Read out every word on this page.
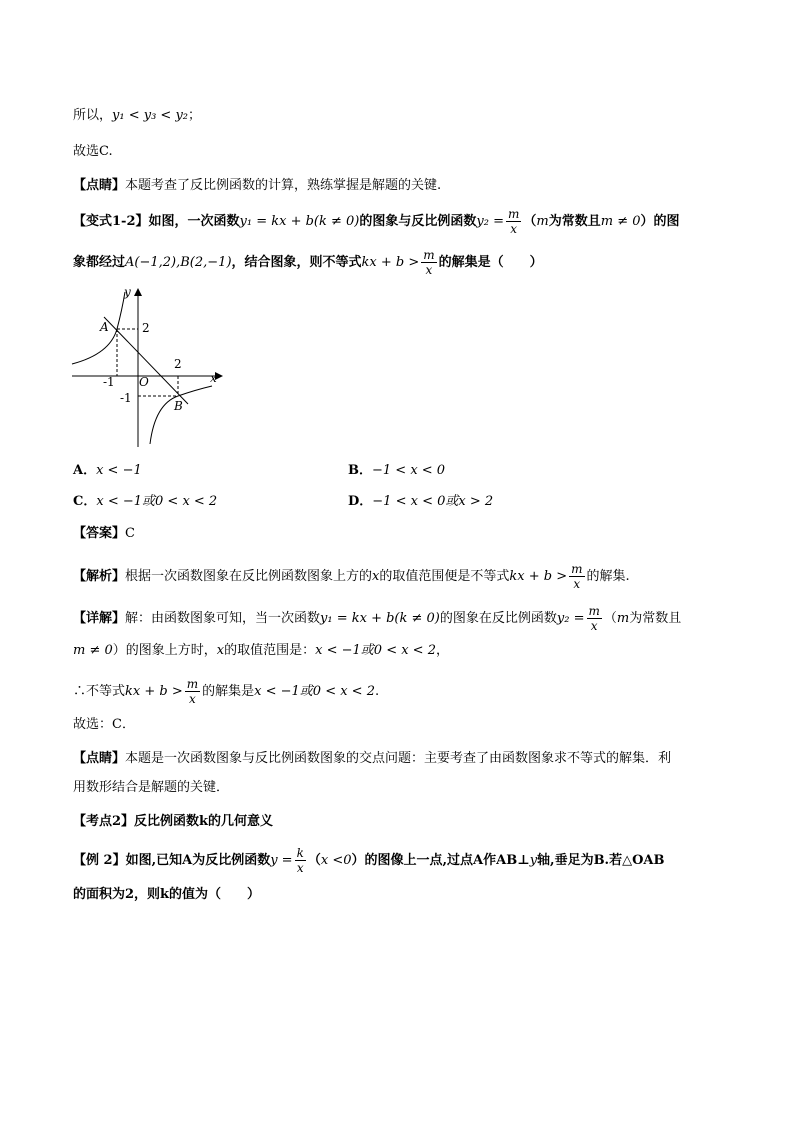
所以，y₁ < y₃ < y₂；
故选C.
【点睛】本题考查了反比例函数的计算，熟练掌握是解题的关键.
【变式1-2】如图，一次函数y₁ = kx + b(k ≠ 0)的图象与反比例函数$y_2 = \frac{m}{x} (m$为常数且m ≠ 0）的图
象都经过A(−1,2),B(2,−1)，结合图象，则不等式kx + $b > \frac{m}{x}$ 的解集是（　　）
y
x
O
A
B
2
2
-1
-1
A．x < −1	B．−1 < x < 0
C．x < −1或0 < x < 2	D．−1 < x < 0或x > 2
【答案】C
【解析】根据一次函数图象在反比例函数图象上方的x的取值范围便是不等式kx + $b > \frac{m}{x}$ 的解集.
【详解】解：由函数图象可知，当一次函数y₁ = kx + b(k ≠ 0)的图象在反比例函数$y_2 = \frac{m}{x} (m$为常数且
m ≠ 0）的图象上方时，x的取值范围是：x < −1或0 < x < 2，
∴不等式kx + $b > \frac{m}{x}$ 的解集是x < −1或0 < x < 2.
故选：C．
【点睛】本题是一次函数图象与反比例函数图象的交点问题：主要考查了由函数图象求不等式的解集．利
用数形结合是解题的关键．
【考点2】反比例函数k的几何意义
【例 2】如图,已知A为反比例函数$y = \frac{k}{x} (x <0)$的图像上一点,过点A作AB⊥y轴,垂足为B.若△OAB
的面积为2，则k的值为（　　）
